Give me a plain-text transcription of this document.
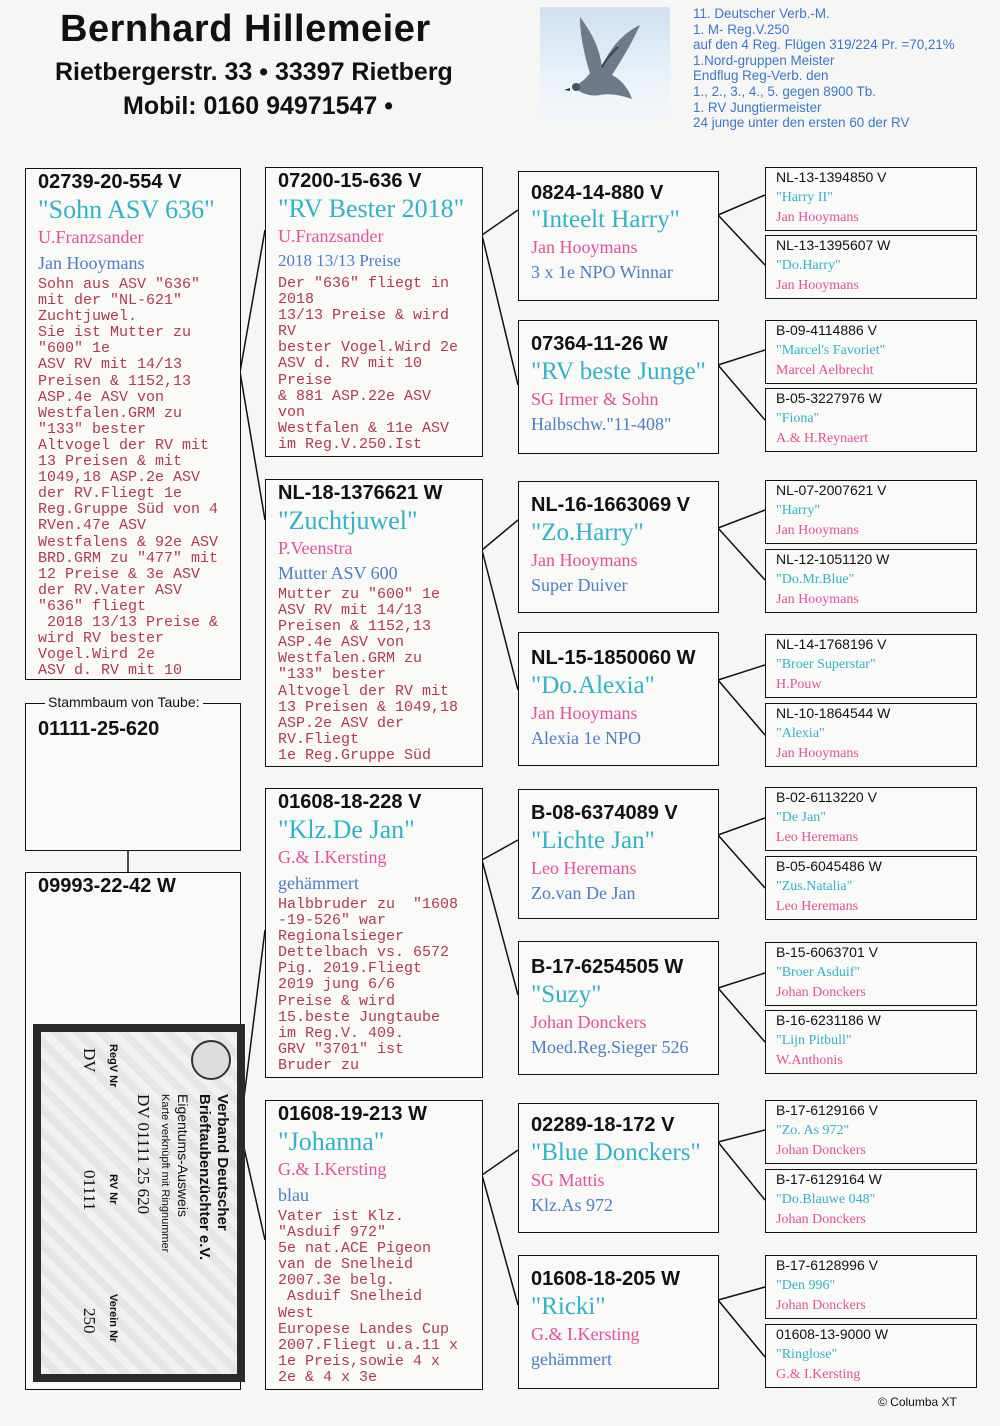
Bernhard Hillemeier
Rietbergerstr. 33 • 33397 Rietberg
Mobil: 0160 94971547 •
11. Deutscher Verb.-M.
1. M- Reg.V.250
auf den 4 Reg. Flügen 319/224 Pr. =70,21%
1.Nord-gruppen Meister
Endflug Reg-Verb. den
1., 2., 3., 4., 5. gegen 8900 Tb.
1. RV Jungtiermeister
24 junge unter den ersten 60 der RV
02739-20-554 V
"Sohn ASV 636"
U.Franzsander
Jan Hooymans
Sohn aus ASV "636"
mit der "NL-621"
Zuchtjuwel.
Sie ist Mutter zu
"600" 1e
ASV RV mit 14/13
Preisen & 1152,13
ASP.4e ASV von
Westfalen.GRM zu
"133" bester
Altvogel der RV mit
13 Preisen & mit
1049,18 ASP.2e ASV
der RV.Fliegt 1e
Reg.Gruppe Süd von 4
RVen.47e ASV
Westfalens & 92e ASV
BRD.GRM zu "477" mit
12 Preise & 3e ASV
der RV.Vater ASV
"636" fliegt
2018 13/13 Preise &
wird RV bester
Vogel.Wird 2e
ASV d. RV mit 10
Stammbaum von Taube:
01111-25-620
09993-22-42 W
Verband Deutscher
Brieftaubenzüchter e.V.
Eigentums-Ausweis
Karte verknüpft mit Ringnummer
DV 01111 25 620
RegV Nr
RV Nr
Verein Nr
DV
01111
250
07200-15-636 V
"RV Bester 2018"
U.Franzsander
2018 13/13 Preise
Der "636" fliegt in
2018
13/13 Preise & wird
RV
bester Vogel.Wird 2e
ASV d. RV mit 10
Preise
& 881 ASP.22e ASV
von
Westfalen & 11e ASV
im Reg.V.250.Ist
NL-18-1376621 W
"Zuchtjuwel"
P.Veenstra
Mutter ASV 600
Mutter zu "600" 1e
ASV RV mit 14/13
Preisen & 1152,13
ASP.4e ASV von
Westfalen.GRM zu
"133" bester
Altvogel der RV mit
13 Preisen & 1049,18
ASP.2e ASV der
RV.Fliegt
1e Reg.Gruppe Süd
01608-18-228 V
"Klz.De Jan"
G.& I.Kersting
gehämmert
Halbbruder zu  "1608
-19-526" war
Regionalsieger
Dettelbach vs. 6572
Pig. 2019.Fliegt
2019 jung 6/6
Preise & wird
15.beste Jungtaube
im Reg.V. 409.
GRV "3701" ist
Bruder zu
01608-19-213 W
"Johanna"
G.& I.Kersting
blau
Vater ist Klz.
"Asduif 972"
5e nat.ACE Pigeon
van de Snelheid
2007.3e belg.
Asduif Snelheid
West
Europese Landes Cup
2007.Fliegt u.a.11 x
1e Preis,sowie 4 x
2e & 4 x 3e
0824-14-880 V
"Inteelt Harry"
Jan Hooymans
3 x 1e NPO Winnar
07364-11-26 W
"RV beste Junge"
SG Irmer & Sohn
Halbschw."11-408"
NL-16-1663069 V
"Zo.Harry"
Jan Hooymans
Super Duiver
NL-15-1850060 W
"Do.Alexia"
Jan Hooymans
Alexia 1e NPO
B-08-6374089 V
"Lichte Jan"
Leo Heremans
Zo.van De Jan
B-17-6254505 W
"Suzy"
Johan Donckers
Moed.Reg.Sieger 526
02289-18-172 V
"Blue Donckers"
SG Mattis
Klz.As 972
01608-18-205 W
"Ricki"
G.& I.Kersting
gehämmert
NL-13-1394850 V
"Harry II"
Jan Hooymans
NL-13-1395607 W
"Do.Harry"
Jan Hooymans
B-09-4114886 V
"Marcel's Favoriet"
Marcel Aelbrecht
B-05-3227976 W
"Fiona"
A.& H.Reynaert
NL-07-2007621 V
"Harry"
Jan Hooymans
NL-12-1051120 W
"Do.Mr.Blue"
Jan Hooymans
NL-14-1768196 V
"Broer Superstar"
H.Pouw
NL-10-1864544 W
"Alexia"
Jan Hooymans
B-02-6113220 V
"De Jan"
Leo Heremans
B-05-6045486 W
"Zus.Natalia"
Leo Heremans
B-15-6063701 V
"Broer Asduif"
Johan Donckers
B-16-6231186 W
"Lijn Pitbull"
W.Anthonis
B-17-6129166 V
"Zo. As 972"
Johan Donckers
B-17-6129164 W
"Do.Blauwe 048"
Johan Donckers
B-17-6128996 V
"Den 996"
Johan Donckers
01608-13-9000 W
"Ringlose"
G.& I.Kersting
© Columba XT
